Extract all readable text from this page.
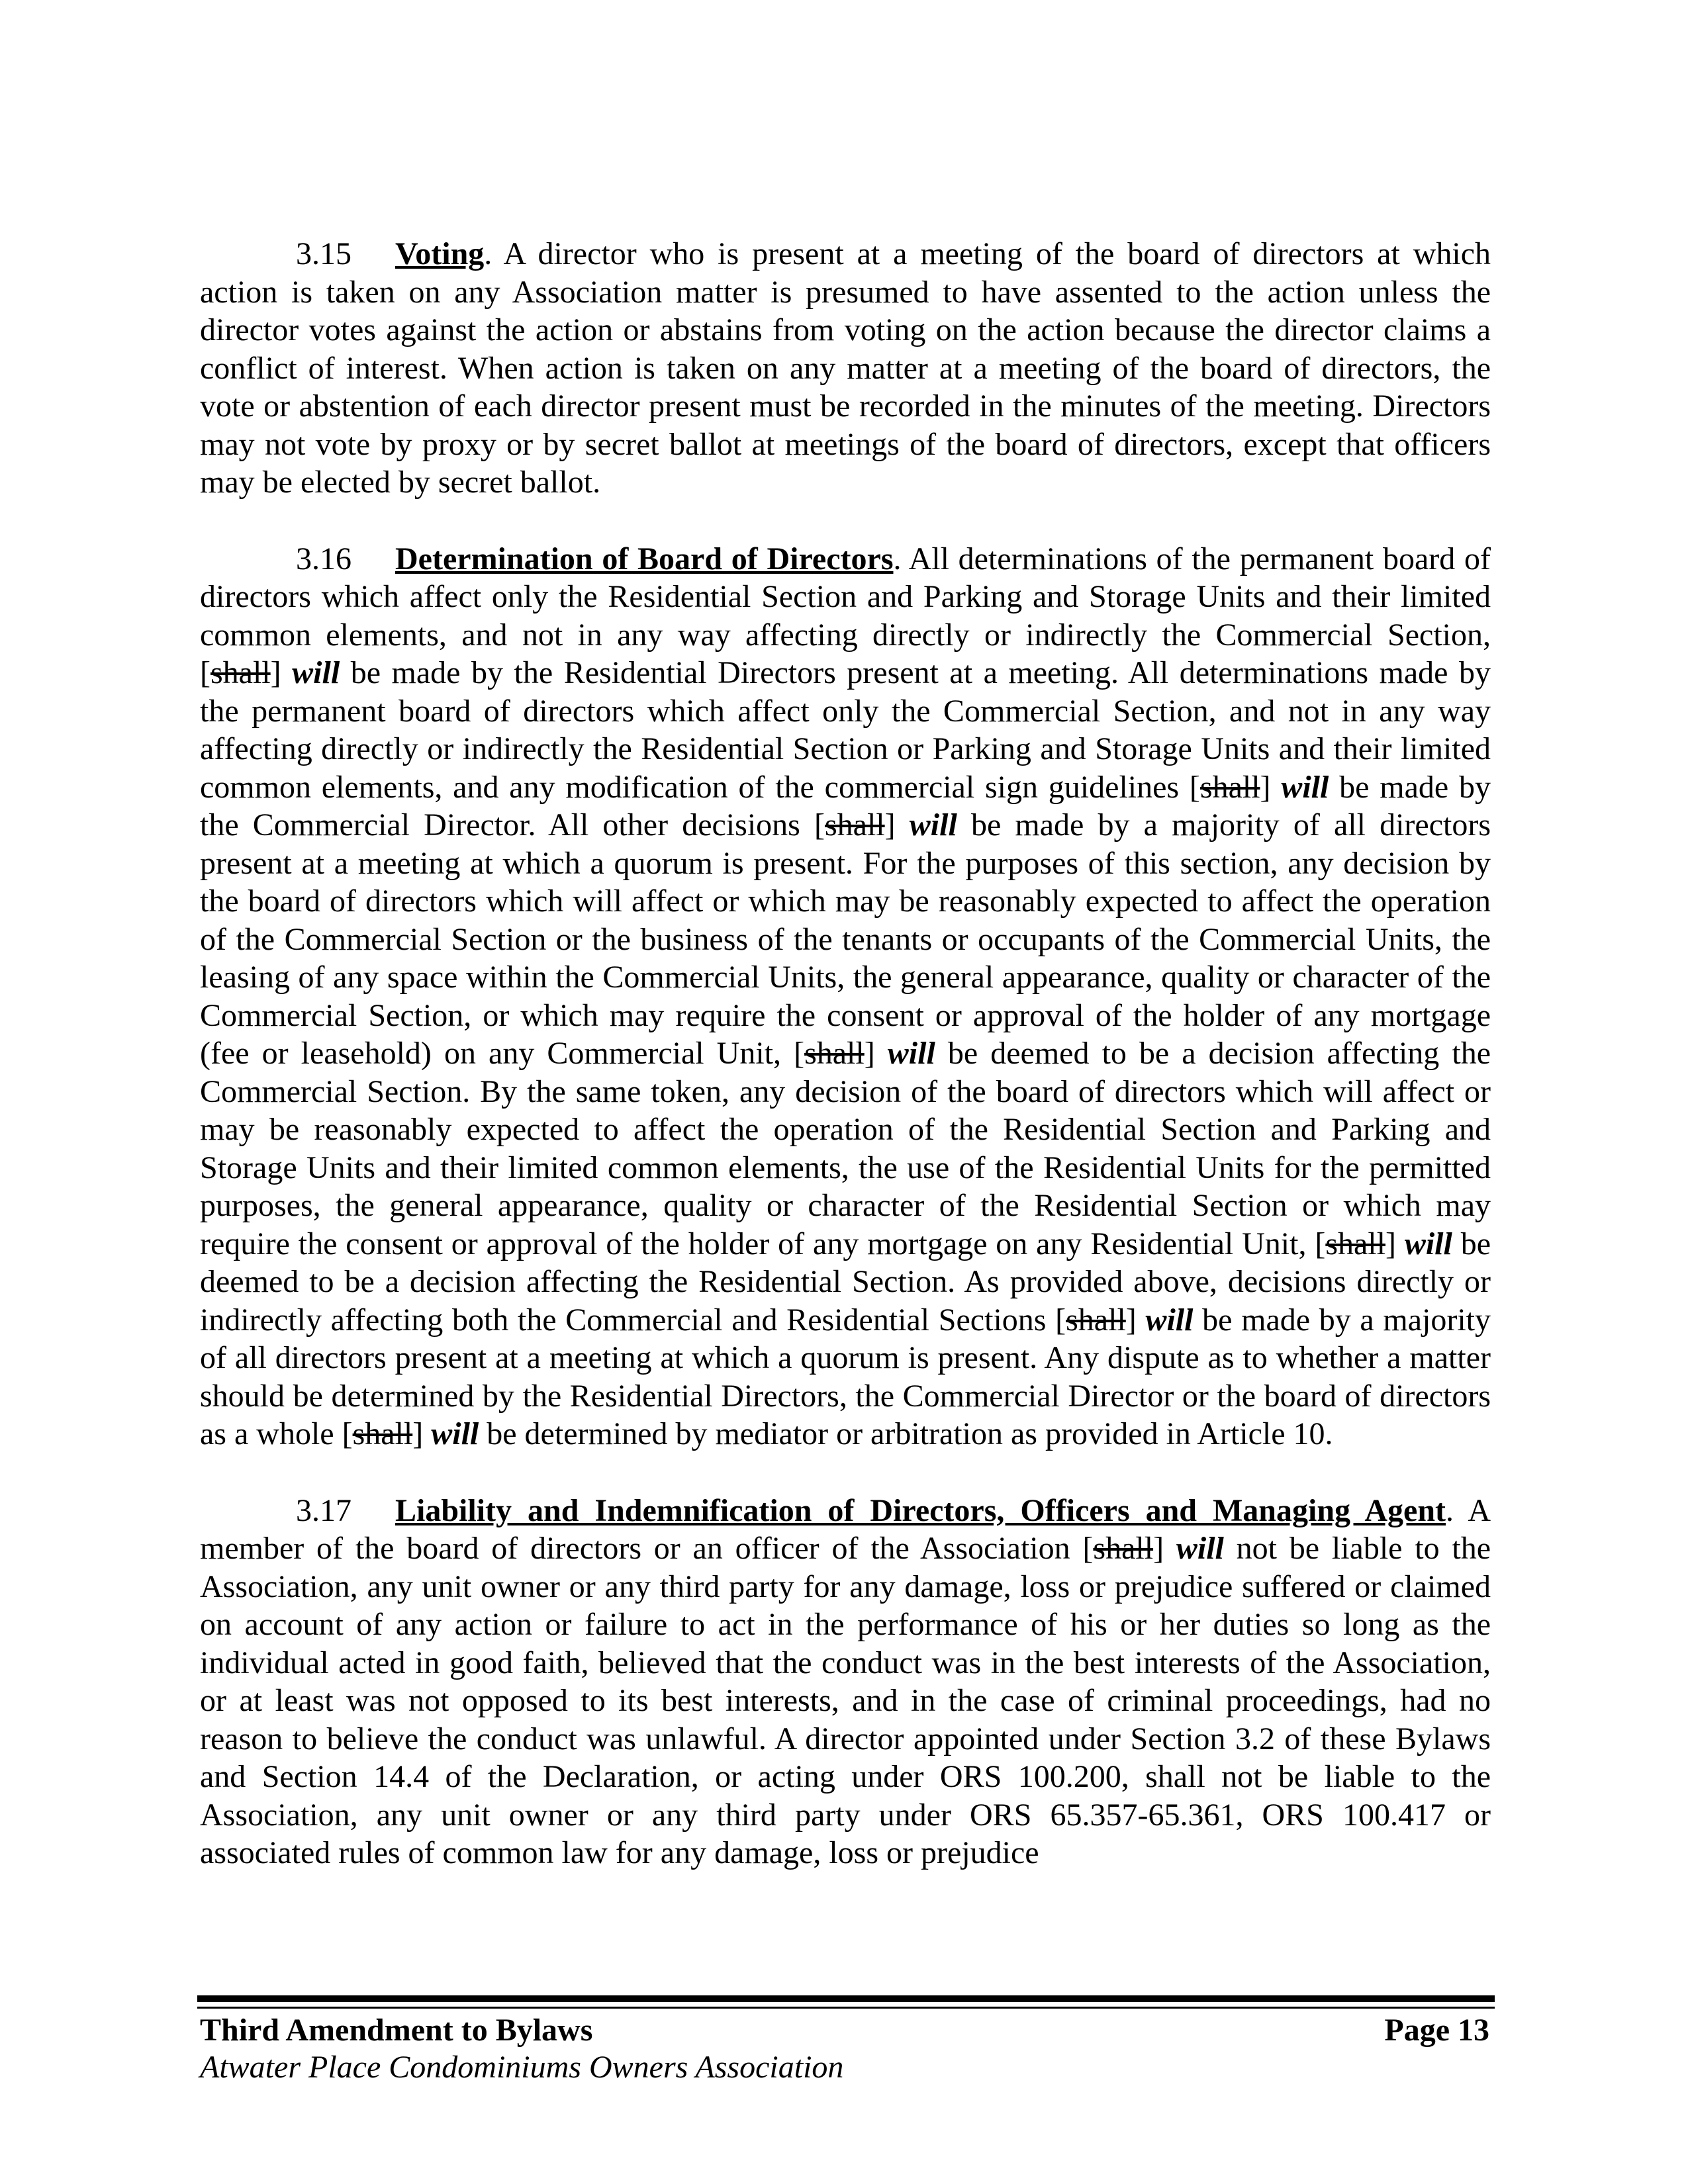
3.15 Voting. A director who is present at a meeting of the board of directors at which action is taken on any Association matter is presumed to have assented to the action unless the director votes against the action or abstains from voting on the action because the director claims a conflict of interest. When action is taken on any matter at a meeting of the board of directors, the vote or abstention of each director present must be recorded in the minutes of the meeting. Directors may not vote by proxy or by secret ballot at meetings of the board of directors, except that officers may be elected by secret ballot.

3.16 Determination of Board of Directors. All determinations of the permanent board of directors which affect only the Residential Section and Parking and Storage Units and their limited common elements, and not in any way affecting directly or indirectly the Commercial Section, [shall] will be made by the Residential Directors present at a meeting. All determinations made by the permanent board of directors which affect only the Commercial Section, and not in any way affecting directly or indirectly the Residential Section or Parking and Storage Units and their limited common elements, and any modification of the commercial sign guidelines [shall] will be made by the Commercial Director. All other decisions [shall] will be made by a majority of all directors present at a meeting at which a quorum is present. For the purposes of this section, any decision by the board of directors which will affect or which may be reasonably expected to affect the operation of the Commercial Section or the business of the tenants or occupants of the Commercial Units, the leasing of any space within the Commercial Units, the general appearance, quality or character of the Commercial Section, or which may require the consent or approval of the holder of any mortgage (fee or leasehold) on any Commercial Unit, [shall] will be deemed to be a decision affecting the Commercial Section. By the same token, any decision of the board of directors which will affect or may be reasonably expected to affect the operation of the Residential Section and Parking and Storage Units and their limited common elements, the use of the Residential Units for the permitted purposes, the general appearance, quality or character of the Residential Section or which may require the consent or approval of the holder of any mortgage on any Residential Unit, [shall] will be deemed to be a decision affecting the Residential Section. As provided above, decisions directly or indirectly affecting both the Commercial and Residential Sections [shall] will be made by a majority of all directors present at a meeting at which a quorum is present. Any dispute as to whether a matter should be determined by the Residential Directors, the Commercial Director or the board of directors as a whole [shall] will be determined by mediator or arbitration as provided in Article 10.

3.17 Liability and Indemnification of Directors, Officers and Managing Agent. A member of the board of directors or an officer of the Association [shall] will not be liable to the Association, any unit owner or any third party for any damage, loss or prejudice suffered or claimed on account of any action or failure to act in the performance of his or her duties so long as the individual acted in good faith, believed that the conduct was in the best interests of the Association, or at least was not opposed to its best interests, and in the case of criminal proceedings, had no reason to believe the conduct was unlawful. A director appointed under Section 3.2 of these Bylaws and Section 14.4 of the Declaration, or acting under ORS 100.200, shall not be liable to the Association, any unit owner or any third party under ORS 65.357-65.361, ORS 100.417 or associated rules of common law for any damage, loss or prejudice

Third Amendment to Bylaws
Atwater Place Condominiums Owners Association
Page 13
